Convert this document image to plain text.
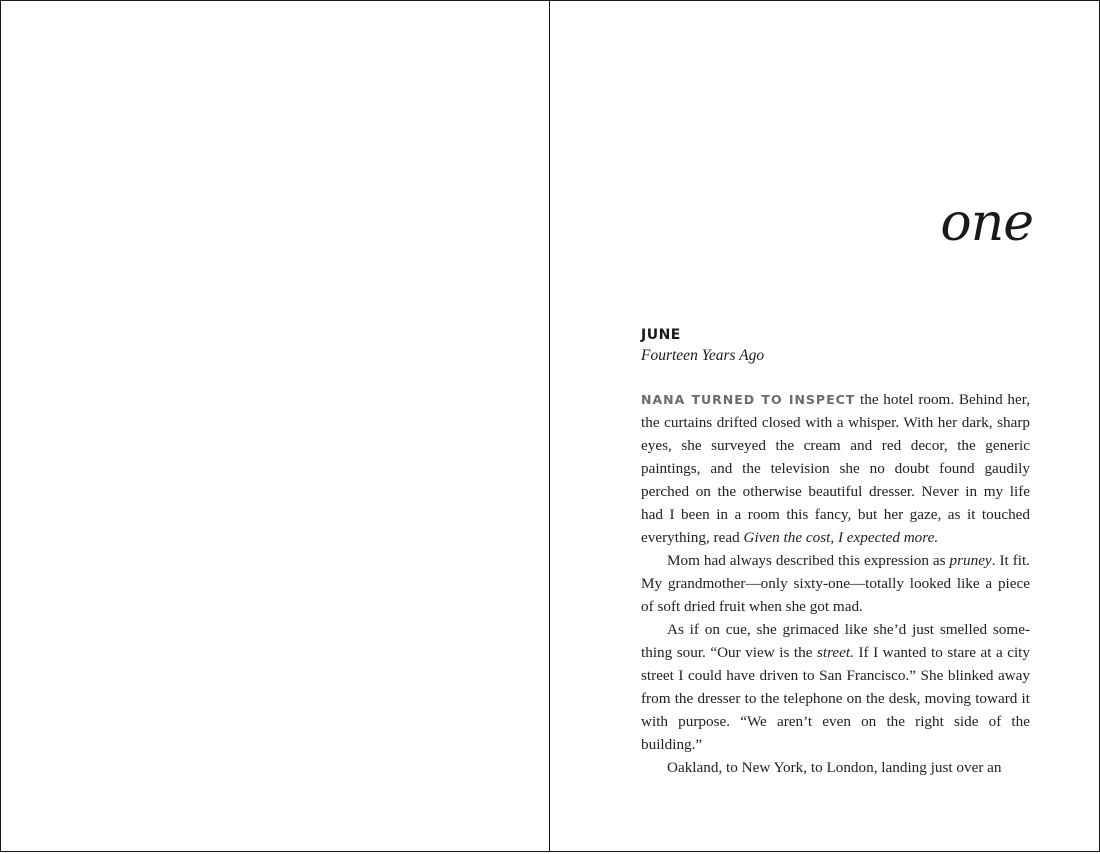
one
JUNE
Fourteen Years Ago

NANA TURNED TO INSPECT the hotel room. Behind her, the curtains drifted closed with a whisper. With her dark, sharp eyes, she surveyed the cream and red decor, the generic paintings, and the television she no doubt found gaudily perched on the otherwise beautiful dresser. Never in my life had I been in a room this fancy, but her gaze, as it touched everything, read Given the cost, I expected more.

Mom had always described this expression as pruney. It fit. My grandmother—only sixty-one—totally looked like a piece of soft dried fruit when she got mad.

As if on cue, she grimaced like she’d just smelled something sour. “Our view is the street. If I wanted to stare at a city street I could have driven to San Francisco.” She blinked away from the dresser to the telephone on the desk, moving toward it with purpose. “We aren’t even on the right side of the building.”

Oakland, to New York, to London, landing just over an
